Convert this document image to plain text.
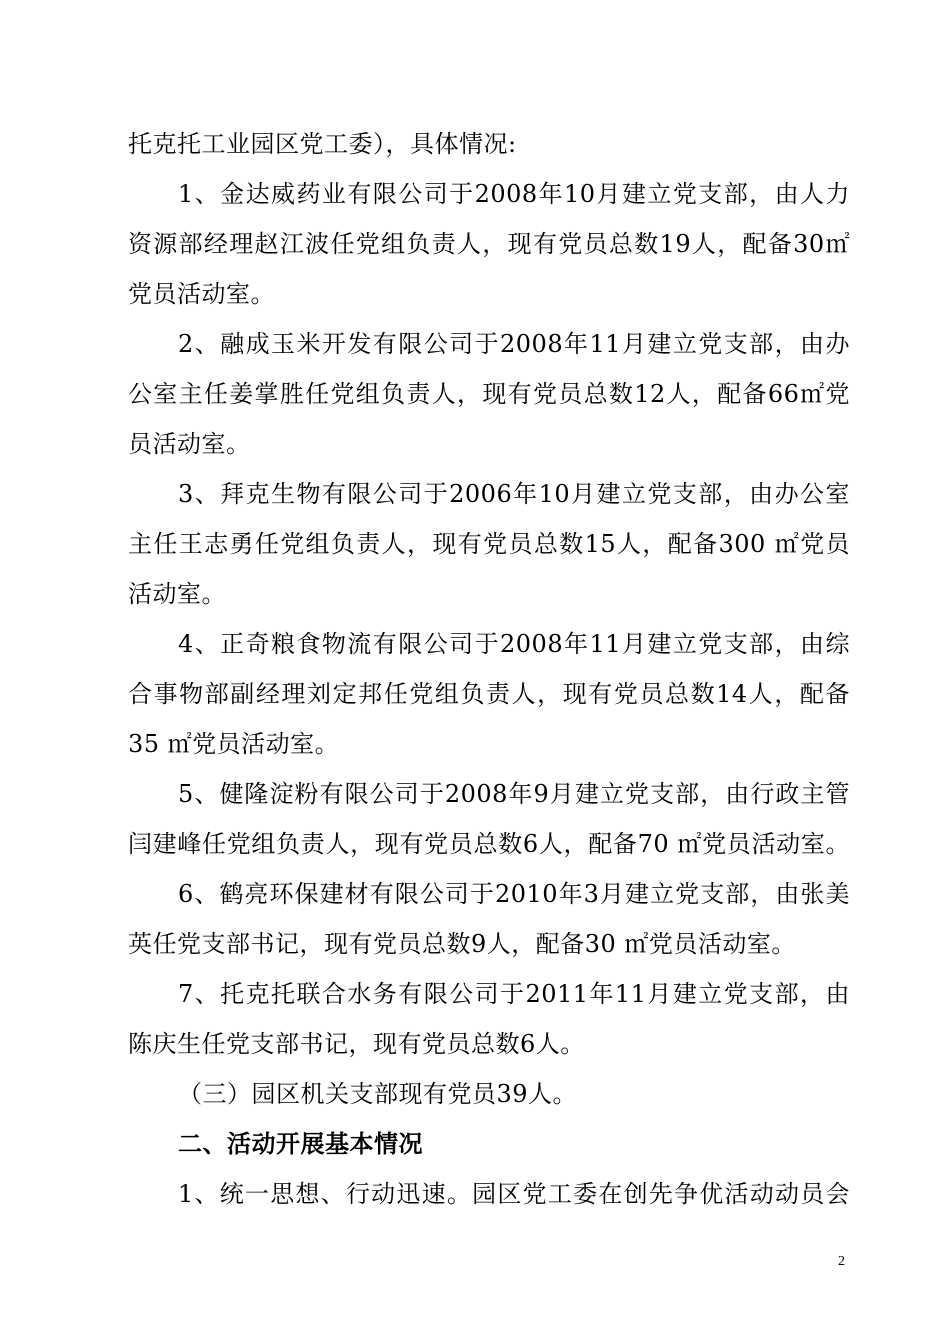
托克托工业园区党工委），具体情况:
1、金达威药业有限公司于2008年10月建立党支部，由人力
资源部经理赵江波任党组负责人，现有党员总数19人，配备30㎡
党员活动室。
2、融成玉米开发有限公司于2008年11月建立党支部，由办
公室主任姜掌胜任党组负责人，现有党员总数12人，配备66㎡党
员活动室。
3、拜克生物有限公司于2006年10月建立党支部，由办公室
主任王志勇任党组负责人，现有党员总数15人，配备300 ㎡党员
活动室。
4、正奇粮食物流有限公司于2008年11月建立党支部，由综
合事物部副经理刘定邦任党组负责人，现有党员总数14人，配备
35 ㎡党员活动室。
5、健隆淀粉有限公司于2008年9月建立党支部，由行政主管
闫建峰任党组负责人，现有党员总数6人，配备70 ㎡党员活动室。
6、鹤亮环保建材有限公司于2010年3月建立党支部，由张美
英任党支部书记，现有党员总数9人，配备30 ㎡党员活动室。
7、托克托联合水务有限公司于2011年11月建立党支部，由
陈庆生任党支部书记，现有党员总数6人。
（三）园区机关支部现有党员39人。
二、活动开展基本情况
1、统一思想、行动迅速。园区党工委在创先争优活动动员会
2
